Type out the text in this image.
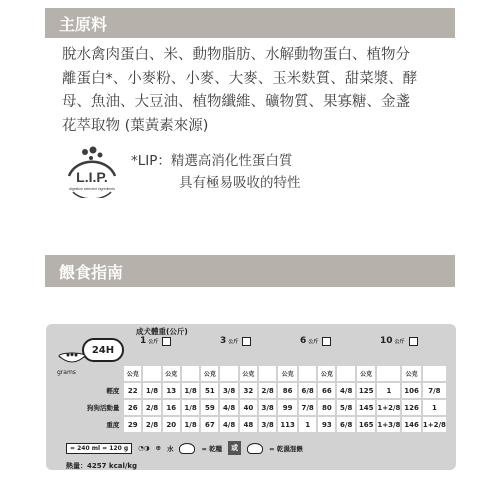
主原料
脫水禽肉蛋白、米、動物脂肪、水解動物蛋白、植物分
離蛋白*、小麥粉、小麥、大麥、玉米麩質、甜菜漿、酵
母、魚油、大豆油、植物纖維、礦物質、果寡糖、金盞
花萃取物 (葉黃素來源)
L.I.P.
digestive selected ingredients
*LIP：精選高消化性蛋白質
具有極易吸收的特性
餵食指南
成犬體重(公斤)
24H
grams
1 公斤	3 公斤	6 公斤	10 公斤
	公克		公克		公克		公克		公克		公克		公克		公克	
輕度	22	1/8	13	1/8	51	3/8	32	2/8	86	6/8	66	4/8	125	1	106	7/8
狗狗活動量	26	2/8	16	1/8	59	4/8	40	3/8	99	7/8	80	5/8	145	1+2/8	126	1
重度	29	2/8	20	1/8	67	4/8	48	3/8	113	1	93	6/8	165	1+3/8	146	1+2/8
= 240 ml = 120 g	◔◑ ⊕ 水	= 乾糧	或	= 乾濕混餵
熱量：4257 kcal/kg
